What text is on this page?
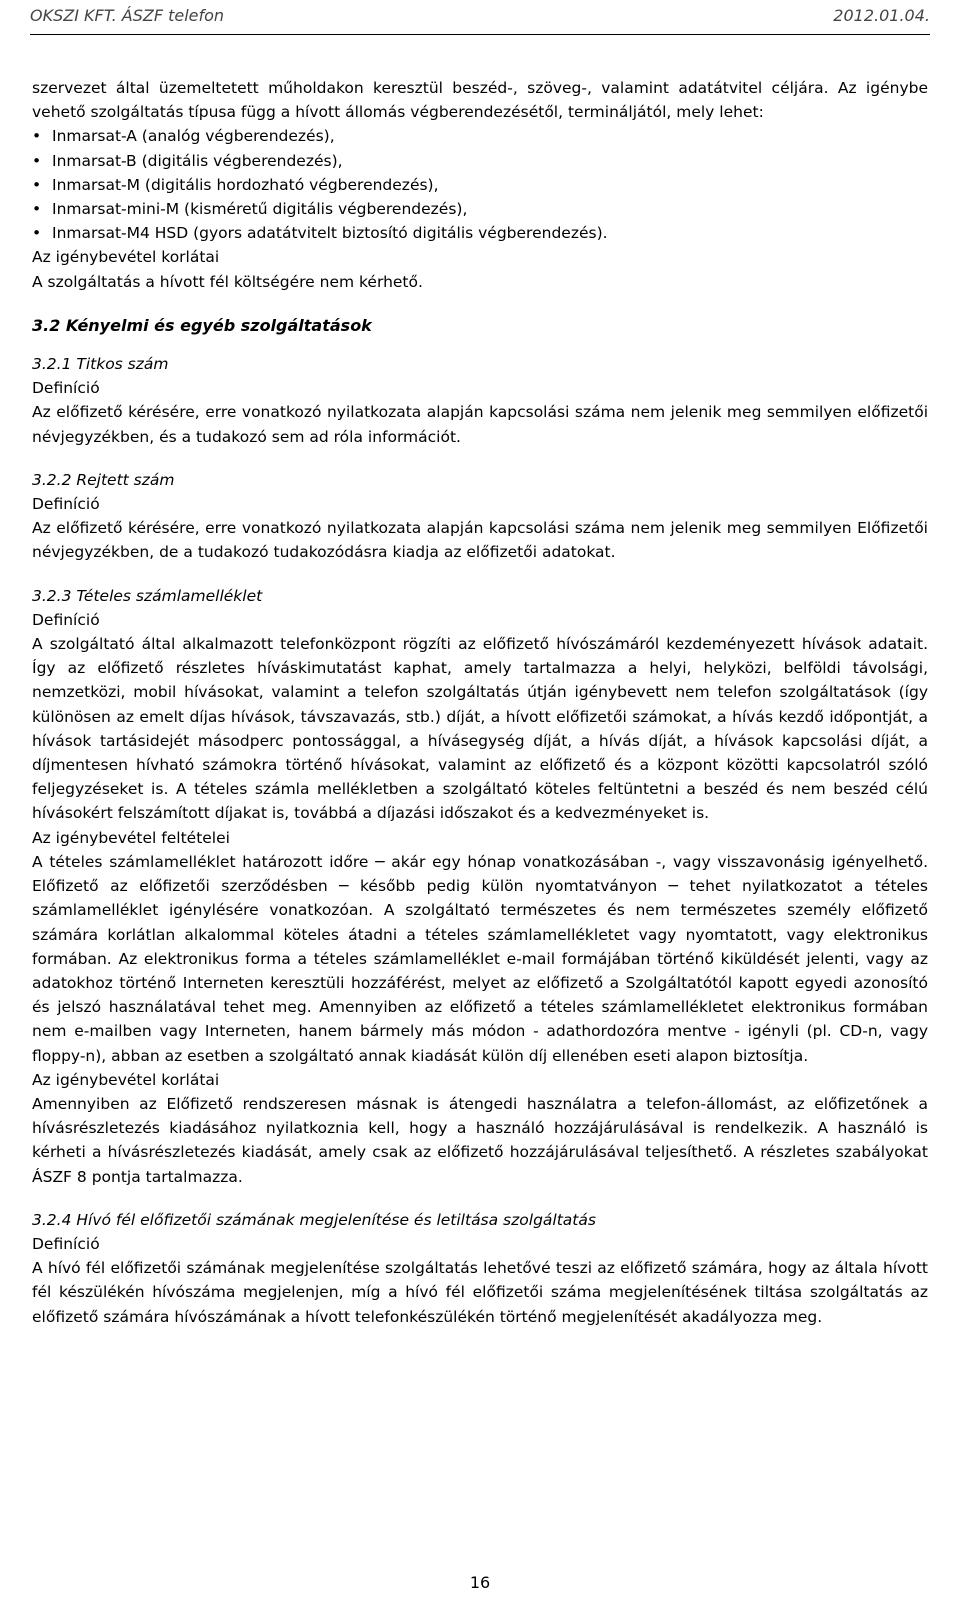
OKSZI KFT. ÁSZF telefon	2012.01.04.

szervezet által üzemeltetett műholdakon keresztül beszéd-, szöveg-, valamint adatátvitel céljára. Az igénybe vehető szolgáltatás típusa függ a hívott állomás végberendezésétől, termináljától, mely lehet:

• Inmarsat-A (analóg végberendezés),
• Inmarsat-B (digitális végberendezés),
• Inmarsat-M (digitális hordozható végberendezés),
• Inmarsat-mini-M (kisméretű digitális végberendezés),
• Inmarsat-M4 HSD (gyors adatátvitelt biztosító digitális végberendezés).

Az igénybevétel korlátai

A szolgáltatás a hívott fél költségére nem kérhető.

3.2 Kényelmi és egyéb szolgáltatások

3.2.1 Titkos szám

Definíció

Az előfizető kérésére, erre vonatkozó nyilatkozata alapján kapcsolási száma nem jelenik meg semmilyen előfizetői névjegyzékben, és a tudakozó sem ad róla információt.

3.2.2 Rejtett szám

Definíció

Az előfizető kérésére, erre vonatkozó nyilatkozata alapján kapcsolási száma nem jelenik meg semmilyen Előfizetői névjegyzékben, de a tudakozó tudakozódásra kiadja az előfizetői adatokat.

3.2.3 Tételes számlamelléklet

Definíció

A szolgáltató által alkalmazott telefonközpont rögzíti az előfizető hívószámáról kezdeményezett hívások adatait. Így az előfizető részletes híváskimutatást kaphat, amely tartalmazza a helyi, helyközi, belföldi távolsági, nemzetközi, mobil hívásokat, valamint a telefon szolgáltatás útján igénybevett nem telefon szolgáltatások (így különösen az emelt díjas hívások, távszavazás, stb.) díját, a hívott előfizetői számokat, a hívás kezdő időpontját, a hívások tartásidejét másodperc pontossággal, a hívásegység díját, a hívás díját, a hívások kapcsolási díját, a díjmentesen hívható számokra történő hívásokat, valamint az előfizető és a központ közötti kapcsolatról szóló feljegyzéseket is. A tételes számla mellékletben a szolgáltató köteles feltüntetni a beszéd és nem beszéd célú hívásokért felszámított díjakat is, továbbá a díjazási időszakot és a kedvezményeket is.

Az igénybevétel feltételei

A tételes számlamelléklet határozott időre ─ akár egy hónap vonatkozásában -, vagy visszavonásig igényelhető. Előfizető az előfizetői szerződésben ─ később pedig külön nyomtatványon ─ tehet nyilatkozatot a tételes számlamelléklet igénylésére vonatkozóan. A szolgáltató természetes és nem természetes személy előfizető számára korlátlan alkalommal köteles átadni a tételes számlamellékletet vagy nyomtatott, vagy elektronikus formában. Az elektronikus forma a tételes számlamelléklet e-mail formájában történő kiküldését jelenti, vagy az adatokhoz történő Interneten keresztüli hozzáférést, melyet az előfizető a Szolgáltatótól kapott egyedi azonosító és jelszó használatával tehet meg. Amennyiben az előfizető a tételes számlamellékletet elektronikus formában nem e-mailben vagy Interneten, hanem bármely más módon - adathordozóra mentve - igényli (pl. CD-n, vagy floppy-n), abban az esetben a szolgáltató annak kiadását külön díj ellenében eseti alapon biztosítja.

Az igénybevétel korlátai

Amennyiben az Előfizető rendszeresen másnak is átengedi használatra a telefon-állomást, az előfizetőnek a hívásrészletezés kiadásához nyilatkoznia kell, hogy a használó hozzájárulásával is rendelkezik. A használó is kérheti a hívásrészletezés kiadását, amely csak az előfizető hozzájárulásával teljesíthető. A részletes szabályokat ÁSZF 8 pontja tartalmazza.

3.2.4 Hívó fél előfizetői számának megjelenítése és letiltása szolgáltatás

Definíció

A hívó fél előfizetői számának megjelenítése szolgáltatás lehetővé teszi az előfizető számára, hogy az általa hívott fél készülékén hívószáma megjelenjen, míg a hívó fél előfizetői száma megjelenítésének tiltása szolgáltatás az előfizető számára hívószámának a hívott telefonkészülékén történő megjelenítését akadályozza meg.

16
